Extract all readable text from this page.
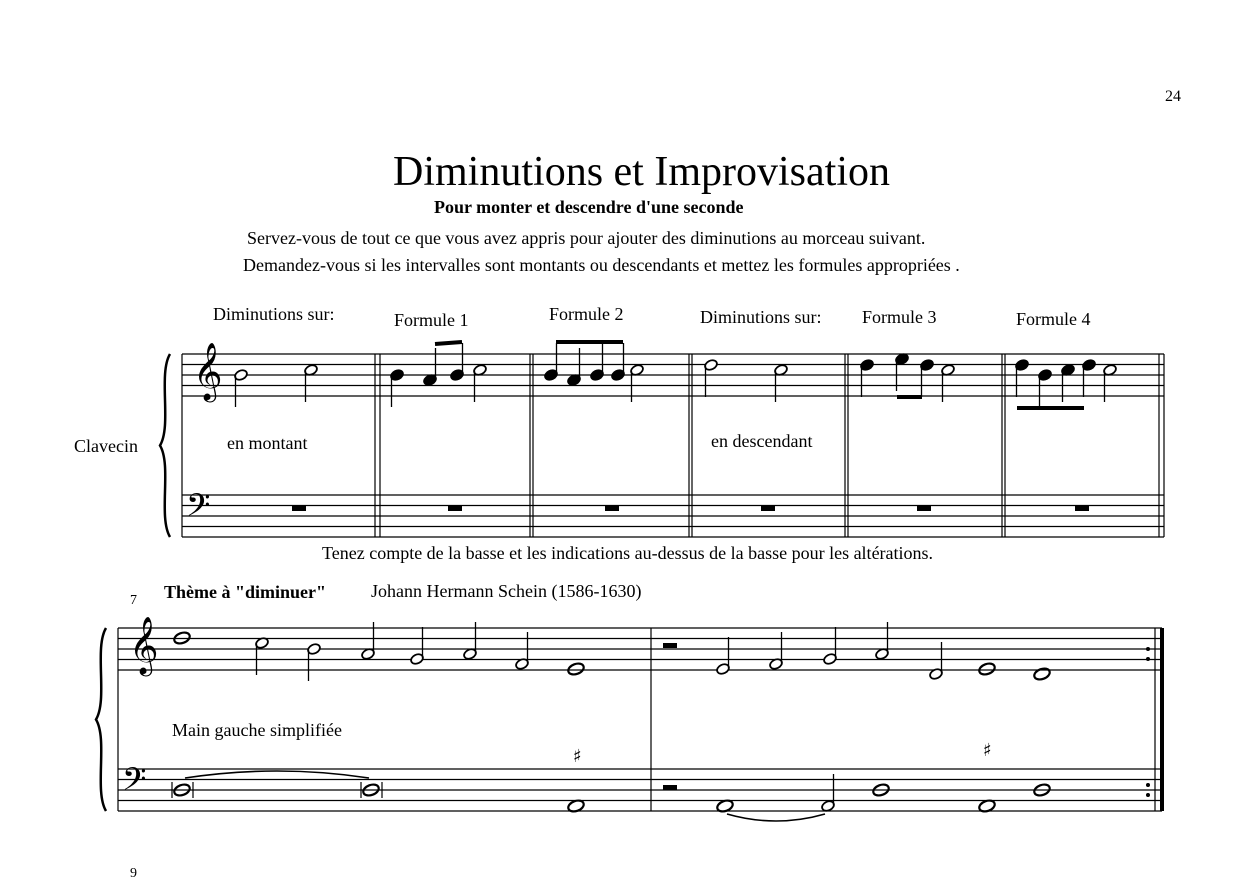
24
Diminutions et Improvisation
Pour monter et descendre d'une seconde
Servez-vous de tout ce que vous avez appris pour ajouter des diminutions au morceau suivant.
Demandez-vous si les intervalles sont montants ou descendants et mettez les formules appropriées .
Diminutions sur:	Formule 1	Formule 2	Diminutions sur: Formule 3	Formule 4
Clavecin	en montant	en descendant
Tenez compte de la basse et les indications au-dessus de la basse pour les altérations.
7 Thème à "diminuer"	Johann Hermann Schein (1586-1630)
Main gauche simplifiée
9
𝄞
𝄢
𝄞
𝄢
♯	♯
